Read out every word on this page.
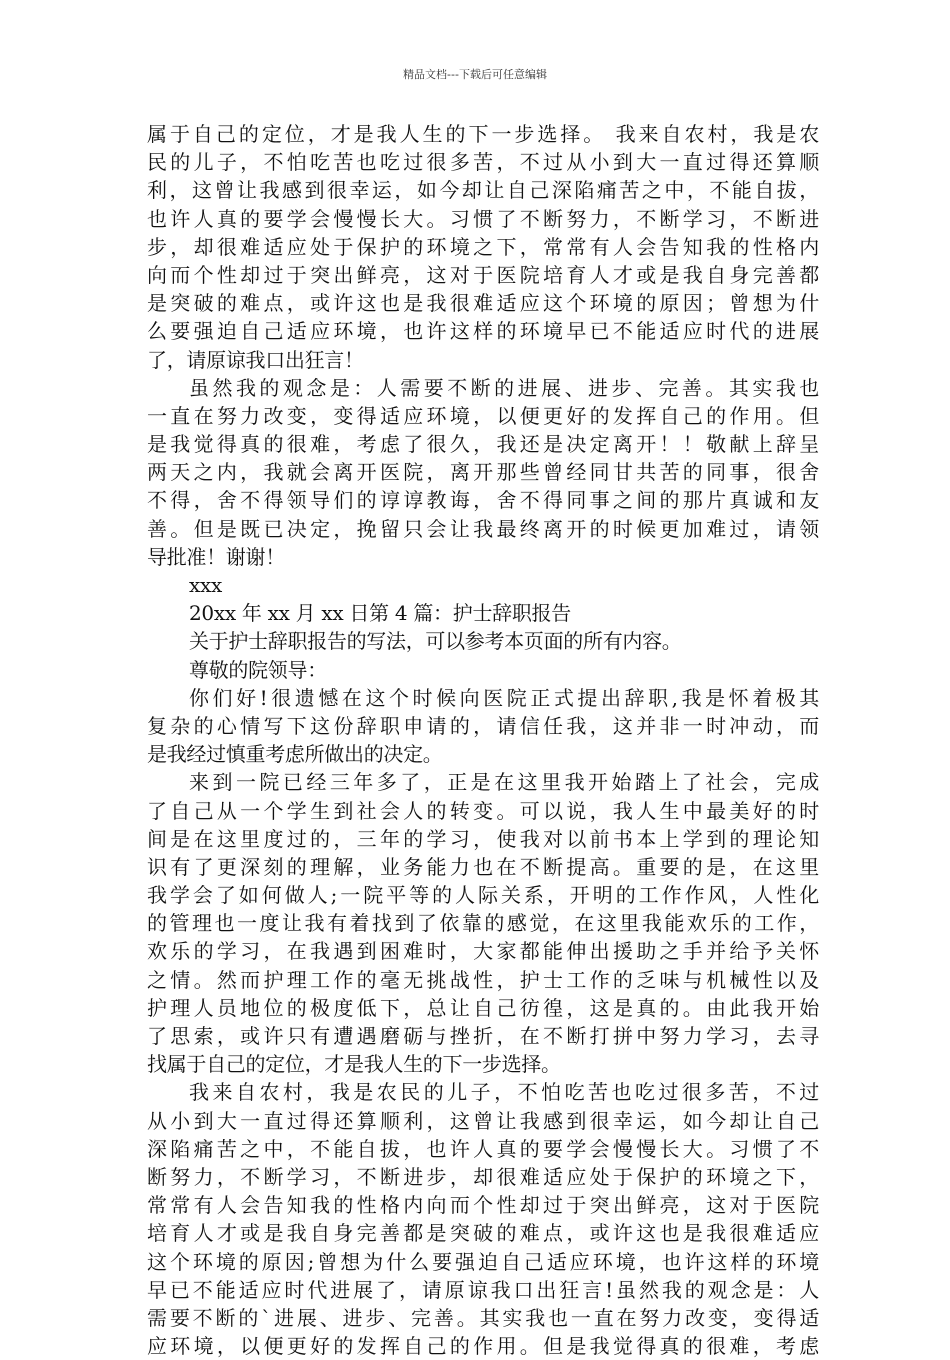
精品文档---下载后可任意编辑
属于自己的定位，才是我人生的下一步选择。 我来自农村，我是农
民的儿子，不怕吃苦也吃过很多苦，不过从小到大一直过得还算顺
利，这曾让我感到很幸运，如今却让自己深陷痛苦之中，不能自拔，
也许人真的要学会慢慢长大。习惯了不断努力，不断学习，不断进
步，却很难适应处于保护的环境之下，常常有人会告知我的性格内
向而个性却过于突出鲜亮，这对于医院培育人才或是我自身完善都
是突破的难点，或许这也是我很难适应这个环境的原因；曾想为什
么要强迫自己适应环境，也许这样的环境早已不能适应时代的进展
了，请原谅我口出狂言！
虽然我的观念是：人需要不断的进展、进步、完善。其实我也
一直在努力改变，变得适应环境，以便更好的发挥自己的作用。但
是我觉得真的很难，考虑了很久，我还是决定离开！！敬献上辞呈
两天之内，我就会离开医院，离开那些曾经同甘共苦的同事，很舍
不得，舍不得领导们的谆谆教诲，舍不得同事之间的那片真诚和友
善。但是既已决定，挽留只会让我最终离开的时候更加难过，请领
导批准！谢谢！
xxx
20xx 年 xx 月 xx 日第 4 篇：护士辞职报告
关于护士辞职报告的写法，可以参考本页面的所有内容。
尊敬的院领导：
你们好!很遗憾在这个时候向医院正式提出辞职,我是怀着极其
复杂的心情写下这份辞职申请的，请信任我，这并非一时冲动，而
是我经过慎重考虑所做出的决定。
来到一院已经三年多了，正是在这里我开始踏上了社会，完成
了自己从一个学生到社会人的转变。可以说，我人生中最美好的时
间是在这里度过的，三年的学习，使我对以前书本上学到的理论知
识有了更深刻的理解，业务能力也在不断提高。重要的是，在这里
我学会了如何做人;一院平等的人际关系，开明的工作作风，人性化
的管理也一度让我有着找到了依靠的感觉，在这里我能欢乐的工作，
欢乐的学习，在我遇到困难时，大家都能伸出援助之手并给予关怀
之情。然而护理工作的毫无挑战性，护士工作的乏味与机械性以及
护理人员地位的极度低下，总让自己彷徨，这是真的。由此我开始
了思索，或许只有遭遇磨砺与挫折，在不断打拼中努力学习，去寻
找属于自己的定位，才是我人生的下一步选择。
我来自农村，我是农民的儿子，不怕吃苦也吃过很多苦，不过
从小到大一直过得还算顺利，这曾让我感到很幸运，如今却让自己
深陷痛苦之中，不能自拔，也许人真的要学会慢慢长大。习惯了不
断努力，不断学习，不断进步，却很难适应处于保护的环境之下，
常常有人会告知我的性格内向而个性却过于突出鲜亮，这对于医院
培育人才或是我自身完善都是突破的难点，或许这也是我很难适应
这个环境的原因;曾想为什么要强迫自己适应环境，也许这样的环境
早已不能适应时代进展了，请原谅我口出狂言!虽然我的观念是：人
需要不断的`进展、进步、完善。其实我也一直在努力改变，变得适
应环境，以便更好的发挥自己的作用。但是我觉得真的很难，考虑
